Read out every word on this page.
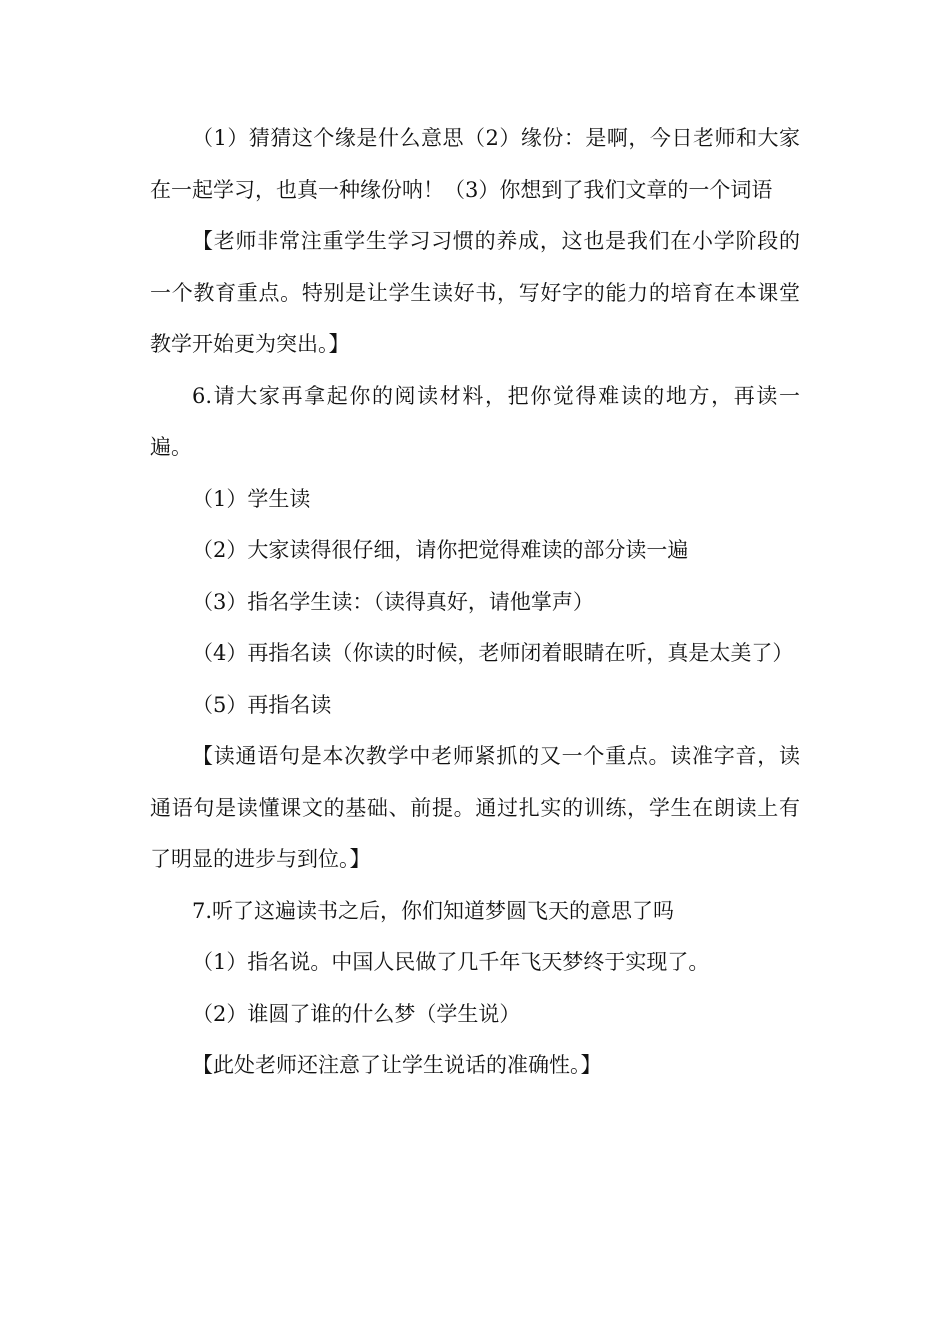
（1）猜猜这个缘是什么意思（2）缘份：是啊，今日老师和大家在一起学习，也真一种缘份呐！（3）你想到了我们文章的一个词语

【老师非常注重学生学习习惯的养成，这也是我们在小学阶段的一个教育重点。特别是让学生读好书，写好字的能力的培育在本课堂教学开始更为突出。】

6.请大家再拿起你的阅读材料，把你觉得难读的地方，再读一遍。

（1）学生读

（2）大家读得很仔细，请你把觉得难读的部分读一遍

（3）指名学生读：（读得真好，请他掌声）

（4）再指名读（你读的时候，老师闭着眼睛在听，真是太美了）

（5）再指名读

【读通语句是本次教学中老师紧抓的又一个重点。读准字音，读通语句是读懂课文的基础、前提。通过扎实的训练，学生在朗读上有了明显的进步与到位。】

7.听了这遍读书之后，你们知道梦圆飞天的意思了吗

（1）指名说。中国人民做了几千年飞天梦终于实现了。

（2）谁圆了谁的什么梦（学生说）

【此处老师还注意了让学生说话的准确性。】
